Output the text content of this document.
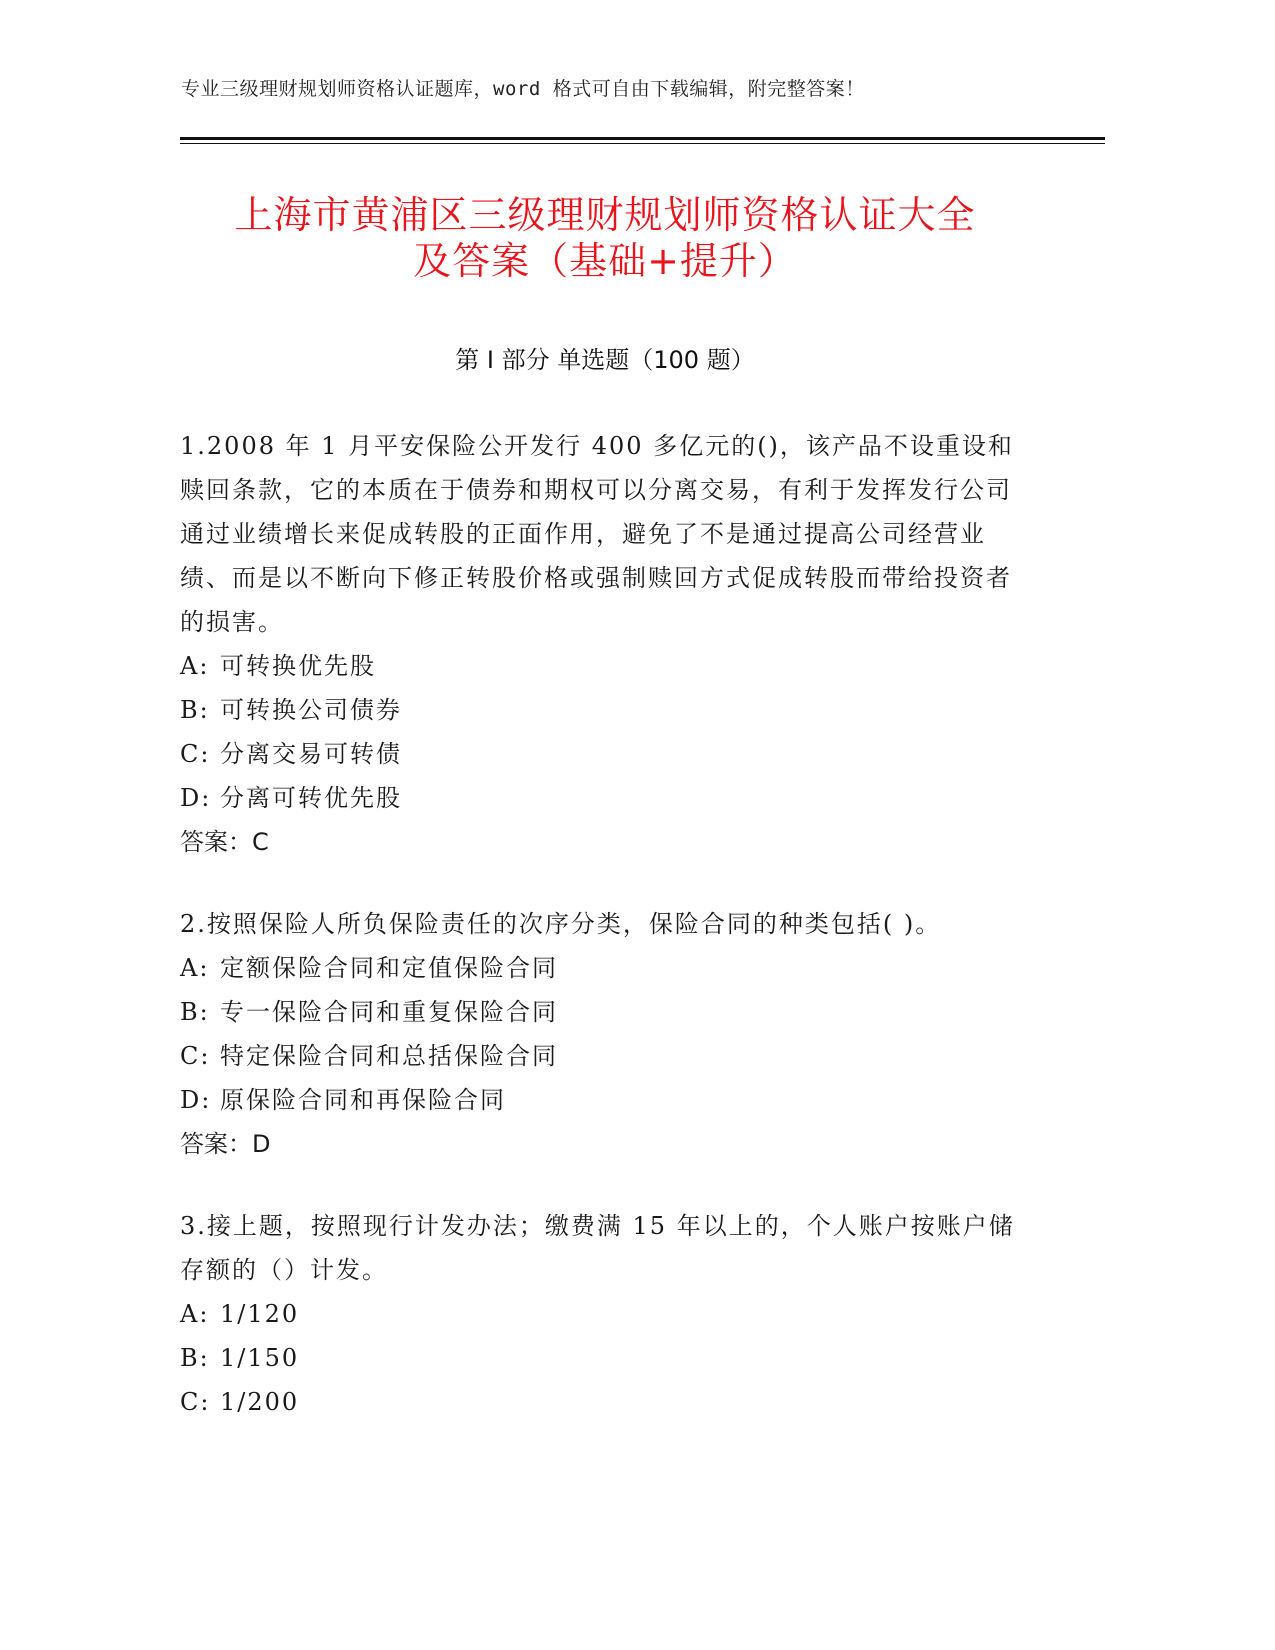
专业三级理财规划师资格认证题库，word 格式可自由下载编辑，附完整答案！
上海市黄浦区三级理财规划师资格认证大全
及答案（基础+提升）
第 I 部分 单选题（100 题）

1.2008 年 1 月平安保险公开发行 400 多亿元的()，该产品不设重设和赎回条款，它的本质在于债券和期权可以分离交易，有利于发挥发行公司通过业绩增长来促成转股的正面作用，避免了不是通过提高公司经营业绩、而是以不断向下修正转股价格或强制赎回方式促成转股而带给投资者的损害。

A: 可转换优先股

B: 可转换公司债券

C: 分离交易可转债

D: 分离可转优先股

答案：C

2.按照保险人所负保险责任的次序分类，保险合同的种类包括( )。

A: 定额保险合同和定值保险合同

B: 专一保险合同和重复保险合同

C: 特定保险合同和总括保险合同

D: 原保险合同和再保险合同

答案：D

3.接上题，按照现行计发办法；缴费满 15 年以上的，个人账户按账户储存额的（）计发。

A: 1/120

B: 1/150

C: 1/200
